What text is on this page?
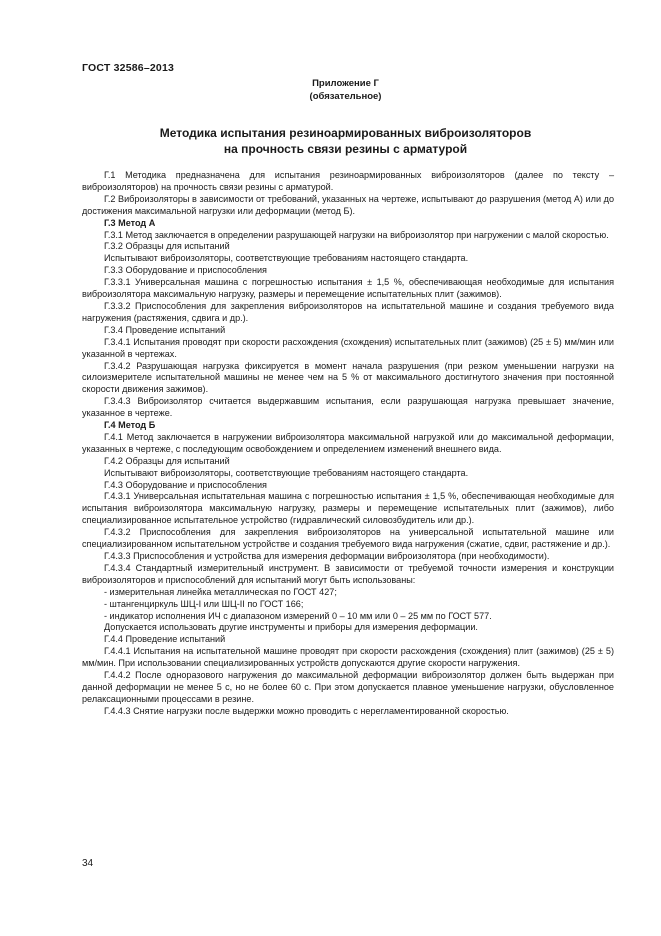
ГОСТ 32586–2013
Приложение Г
(обязательное)
Методика испытания резиноармированных виброизоляторов
на прочность связи резины с арматурой

Г.1 Методика предназначена для испытания резиноармированных виброизоляторов (далее по тексту – виброизоляторов) на прочность связи резины с арматурой.

Г.2 Виброизоляторы в зависимости от требований, указанных на чертеже, испытывают до разрушения (метод А) или до достижения максимальной нагрузки или деформации (метод Б).

Г.3 Метод А

Г.3.1 Метод заключается в определении разрушающей нагрузки на виброизолятор при нагружении с малой скоростью.

Г.3.2 Образцы для испытаний

Испытывают виброизоляторы, соответствующие требованиям настоящего стандарта.

Г.3.3 Оборудование и приспособления

Г.3.3.1 Универсальная машина с погрешностью испытания ± 1,5 %, обеспечивающая необходимые для испытания виброизолятора максимальную нагрузку, размеры и перемещение испытательных плит (зажимов).

Г.3.3.2 Приспособления для закрепления виброизоляторов на испытательной машине и создания требуемого вида нагружения (растяжения, сдвига и др.).

Г.3.4 Проведение испытаний

Г.3.4.1 Испытания проводят при скорости расхождения (схождения) испытательных плит (зажимов) (25 ± 5) мм/мин или указанной в чертежах.

Г.3.4.2 Разрушающая нагрузка фиксируется в момент начала разрушения (при резком уменьшении нагрузки на силоизмерителе испытательной машины не менее чем на 5 % от максимального достигнутого значения при постоянной скорости движения зажимов).

Г.3.4.3 Виброизолятор считается выдержавшим испытания, если разрушающая нагрузка превышает значение, указанное в чертеже.

Г.4 Метод Б

Г.4.1 Метод заключается в нагружении виброизолятора максимальной нагрузкой или до максимальной деформации, указанных в чертеже, с последующим освобождением и определением изменений внешнего вида.

Г.4.2 Образцы для испытаний

Испытывают виброизоляторы, соответствующие требованиям настоящего стандарта.

Г.4.3 Оборудование и приспособления

Г.4.3.1 Универсальная испытательная машина с погрешностью испытания ± 1,5 %, обеспечивающая необходимые для испытания виброизолятора максимальную нагрузку, размеры и перемещение испытательных плит (зажимов), либо специализированное испытательное устройство (гидравлический силовозбудитель или др.).

Г.4.3.2 Приспособления для закрепления виброизоляторов на универсальной испытательной машине или специализированном испытательном устройстве и создания требуемого вида нагружения (сжатие, сдвиг, растяжение и др.).

Г.4.3.3 Приспособления и устройства для измерения деформации виброизолятора (при необходимости).

Г.4.3.4 Стандартный измерительный инструмент. В зависимости от требуемой точности измерения и конструкции виброизоляторов и приспособлений для испытаний могут быть использованы:

- измерительная линейка металлическая по ГОСТ 427;

- штангенциркуль ШЦ-I или ШЦ-II по ГОСТ 166;

- индикатор исполнения ИЧ с диапазоном измерений 0 – 10 мм или 0 – 25 мм по ГОСТ 577.

Допускается использовать другие инструменты и приборы для измерения деформации.

Г.4.4 Проведение испытаний

Г.4.4.1 Испытания на испытательной машине проводят при скорости расхождения (схождения) плит (зажимов) (25 ± 5) мм/мин. При использовании специализированных устройств допускаются другие скорости нагружения.

Г.4.4.2 После одноразового нагружения до максимальной деформации виброизолятор должен быть выдержан при данной деформации не менее 5 с, но не более 60 с. При этом допускается плавное уменьшение нагрузки, обусловленное релаксационными процессами в резине.

Г.4.4.3 Снятие нагрузки после выдержки можно проводить с нерегламентированной скоростью.

34
